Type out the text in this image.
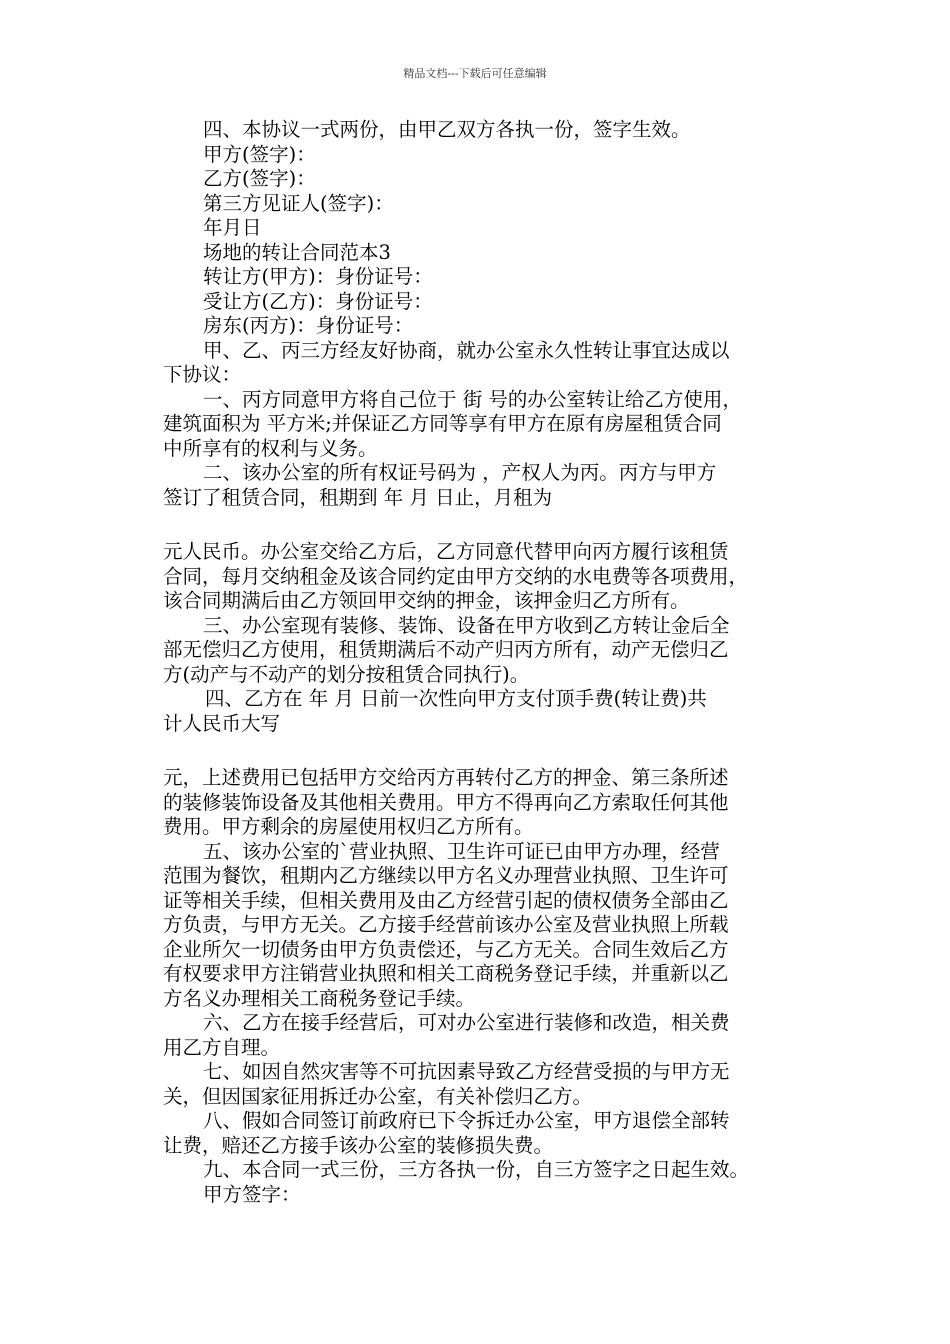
精品文档---下载后可任意编辑
四、本协议一式两份，由甲乙双方各执一份，签字生效。
甲方(签字)：
乙方(签字)：
第三方见证人(签字)：
年月日
场地的转让合同范本3
转让方(甲方)：身份证号：
受让方(乙方)：身份证号：
房东(丙方)：身份证号：
甲、乙、丙三方经友好协商，就办公室永久性转让事宜达成以
下协议：
一、丙方同意甲方将自己位于 街 号的办公室转让给乙方使用，
建筑面积为 平方米;并保证乙方同等享有甲方在原有房屋租赁合同
中所享有的权利与义务。
二、该办公室的所有权证号码为 ，产权人为丙。丙方与甲方
签订了租赁合同，租期到 年 月 日止，月租为
元人民币。办公室交给乙方后，乙方同意代替甲向丙方履行该租赁
合同，每月交纳租金及该合同约定由甲方交纳的水电费等各项费用，
该合同期满后由乙方领回甲交纳的押金，该押金归乙方所有。
三、办公室现有装修、装饰、设备在甲方收到乙方转让金后全
部无偿归乙方使用，租赁期满后不动产归丙方所有，动产无偿归乙
方(动产与不动产的划分按租赁合同执行)。
四、乙方在 年 月 日前一次性向甲方支付顶手费(转让费)共
计人民币大写
元，上述费用已包括甲方交给丙方再转付乙方的押金、第三条所述
的装修装饰设备及其他相关费用。甲方不得再向乙方索取任何其他
费用。甲方剩余的房屋使用权归乙方所有。
五、该办公室的`营业执照、卫生许可证已由甲方办理，经营
范围为餐饮，租期内乙方继续以甲方名义办理营业执照、卫生许可
证等相关手续，但相关费用及由乙方经营引起的债权债务全部由乙
方负责，与甲方无关。乙方接手经营前该办公室及营业执照上所载
企业所欠一切债务由甲方负责偿还，与乙方无关。合同生效后乙方
有权要求甲方注销营业执照和相关工商税务登记手续，并重新以乙
方名义办理相关工商税务登记手续。
六、乙方在接手经营后，可对办公室进行装修和改造，相关费
用乙方自理。
七、如因自然灾害等不可抗因素导致乙方经营受损的与甲方无
关，但因国家征用拆迁办公室，有关补偿归乙方。
八、假如合同签订前政府已下令拆迁办公室，甲方退偿全部转
让费，赔还乙方接手该办公室的装修损失费。
九、本合同一式三份，三方各执一份，自三方签字之日起生效。
甲方签字：
